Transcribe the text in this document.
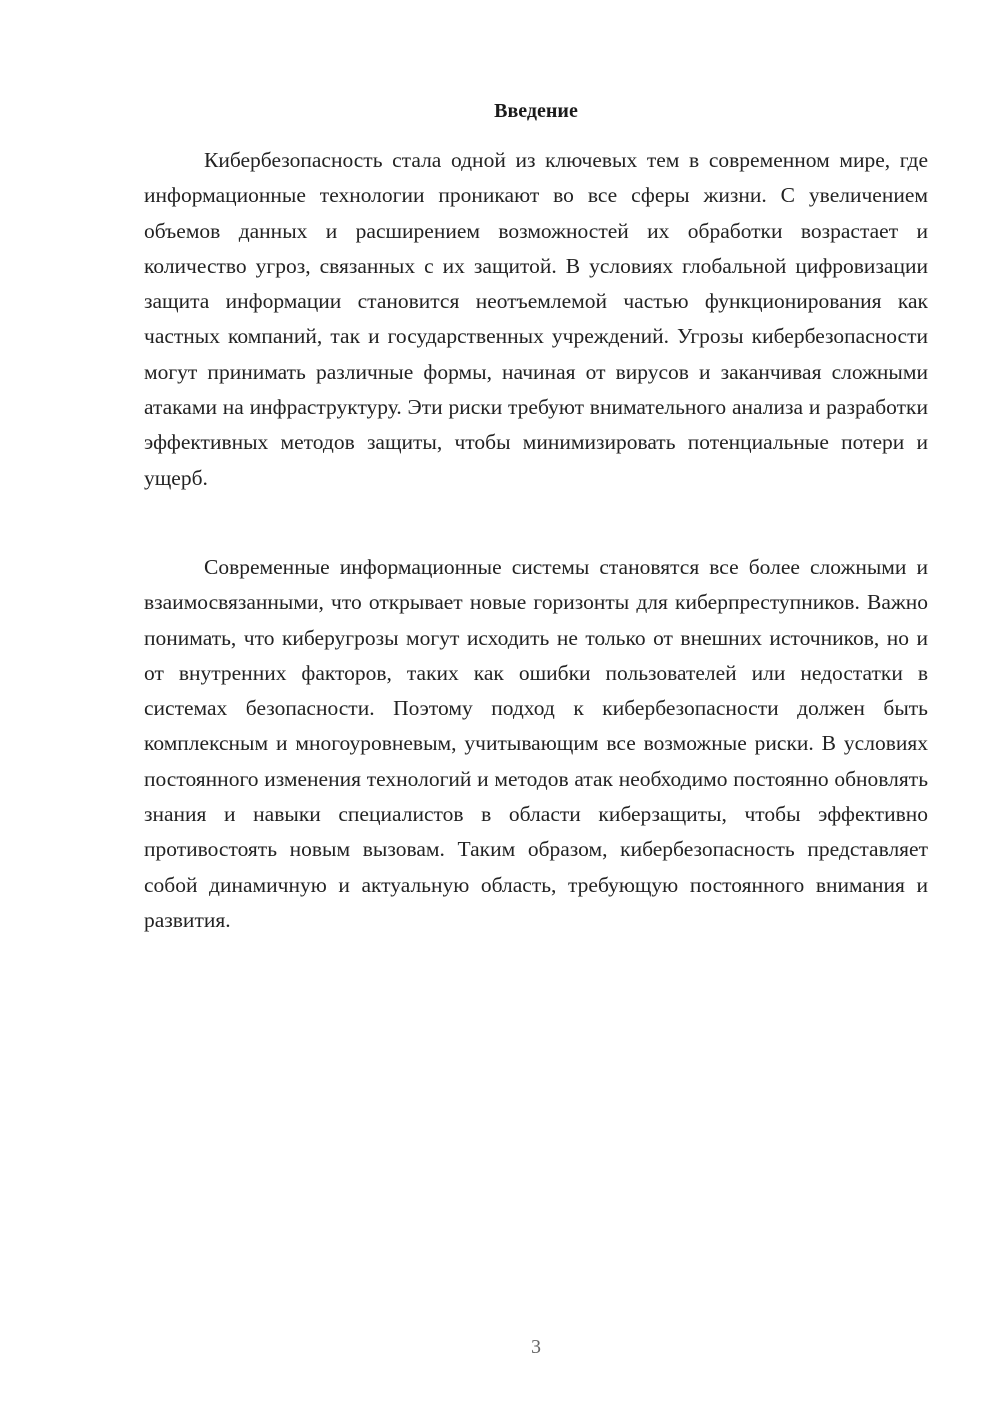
Введение

Кибербезопасность стала одной из ключевых тем в современном мире, где информационные технологии проникают во все сферы жизни. С увеличением объемов данных и расширением возможностей их обработки возрастает и количество угроз, связанных с их защитой. В условиях глобальной цифровизации защита информации становится неотъемлемой частью функционирования как частных компаний, так и государственных учреждений. Угрозы кибербезопасности могут принимать различные формы, начиная от вирусов и заканчивая сложными атаками на инфраструктуру. Эти риски требуют внимательного анализа и разработки эффективных методов защиты, чтобы минимизировать потенциальные потери и ущерб.

Современные информационные системы становятся все более сложными и взаимосвязанными, что открывает новые горизонты для киберпреступников. Важно понимать, что киберугрозы могут исходить не только от внешних источников, но и от внутренних факторов, таких как ошибки пользователей или недостатки в системах безопасности. Поэтому подход к кибербезопасности должен быть комплексным и многоуровневым, учитывающим все возможные риски. В условиях постоянного изменения технологий и методов атак необходимо постоянно обновлять знания и навыки специалистов в области киберзащиты, чтобы эффективно противостоять новым вызовам. Таким образом, кибербезопасность представляет собой динамичную и актуальную область, требующую постоянного внимания и развития.

3
